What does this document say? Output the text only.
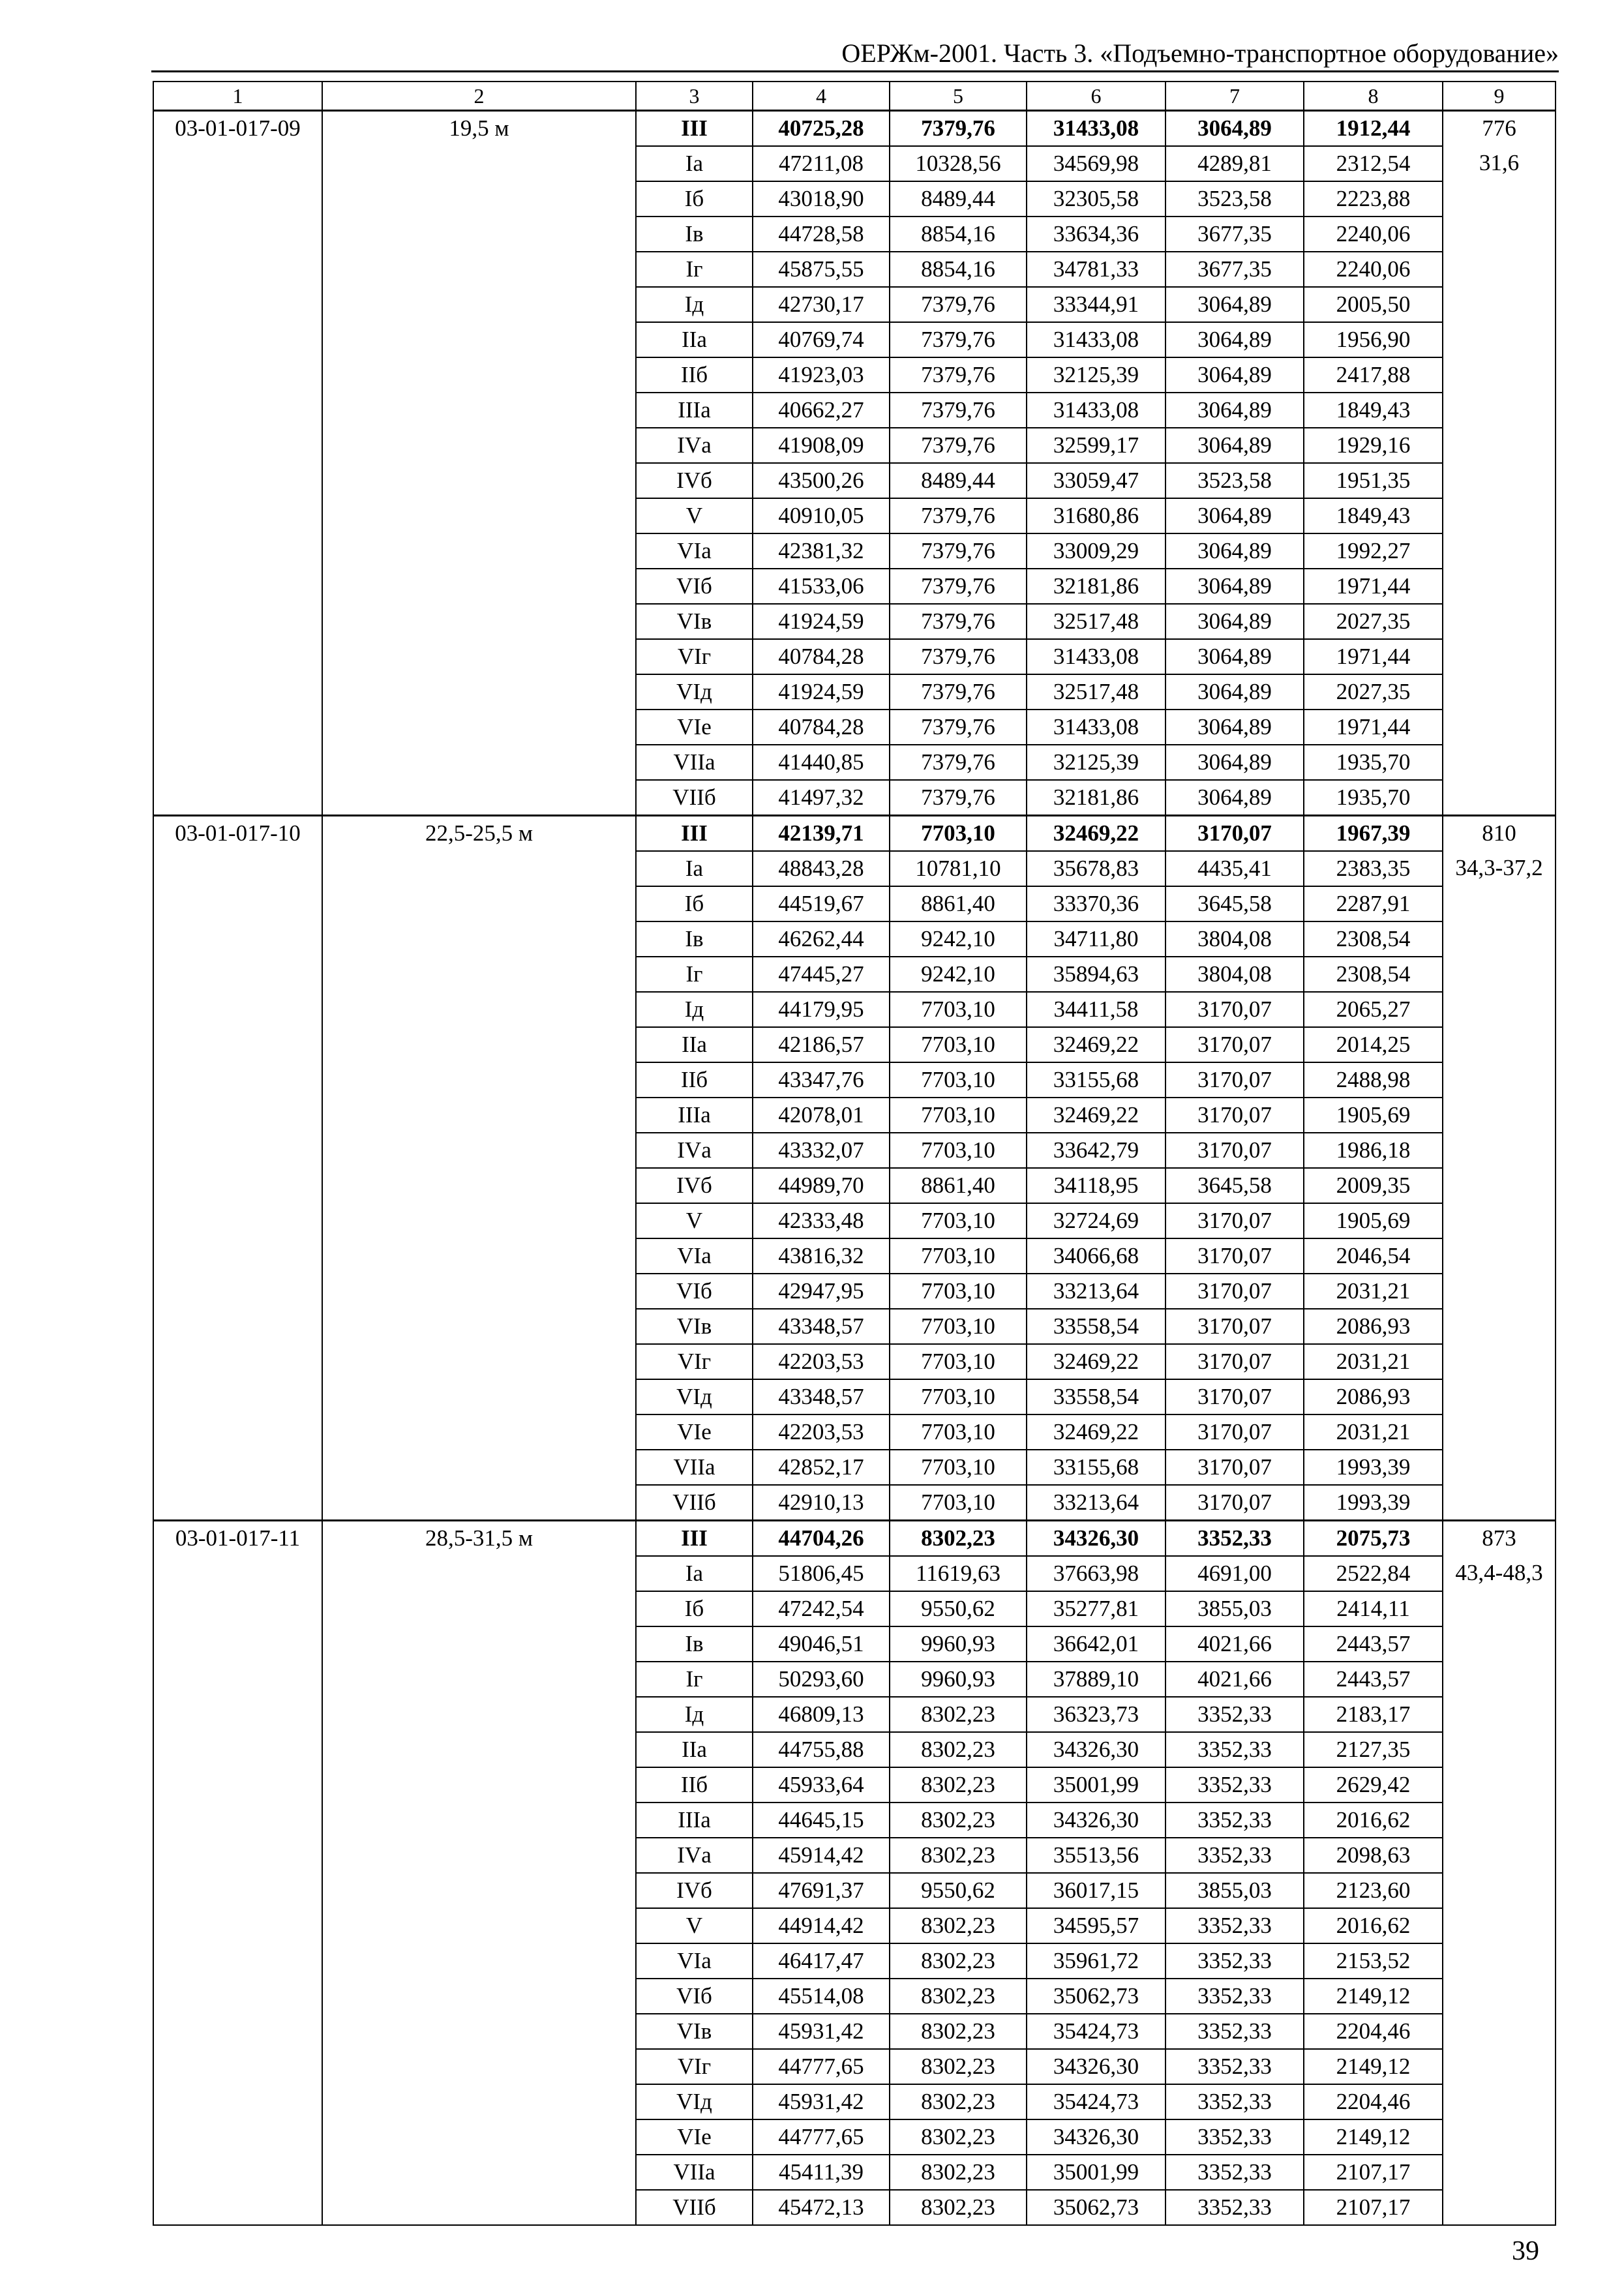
ОЕРЖм-2001. Часть 3. «Подъемно-транспортное оборудование»
1	2	3	4	5	6	7	8	9
03-01-017-09	19,5 м	III	40725,28	7379,76	31433,08	3064,89	1912,44	776
		Iа	47211,08	10328,56	34569,98	4289,81	2312,54	31,6
		Iб	43018,90	8489,44	32305,58	3523,58	2223,88	
		Iв	44728,58	8854,16	33634,36	3677,35	2240,06	
		Iг	45875,55	8854,16	34781,33	3677,35	2240,06	
		Iд	42730,17	7379,76	33344,91	3064,89	2005,50	
		IIа	40769,74	7379,76	31433,08	3064,89	1956,90	
		IIб	41923,03	7379,76	32125,39	3064,89	2417,88	
		IIIа	40662,27	7379,76	31433,08	3064,89	1849,43	
		IVа	41908,09	7379,76	32599,17	3064,89	1929,16	
		IVб	43500,26	8489,44	33059,47	3523,58	1951,35	
		V	40910,05	7379,76	31680,86	3064,89	1849,43	
		VIа	42381,32	7379,76	33009,29	3064,89	1992,27	
		VIб	41533,06	7379,76	32181,86	3064,89	1971,44	
		VIв	41924,59	7379,76	32517,48	3064,89	2027,35	
		VIг	40784,28	7379,76	31433,08	3064,89	1971,44	
		VIд	41924,59	7379,76	32517,48	3064,89	2027,35	
		VIе	40784,28	7379,76	31433,08	3064,89	1971,44	
		VIIа	41440,85	7379,76	32125,39	3064,89	1935,70	
		VIIб	41497,32	7379,76	32181,86	3064,89	1935,70	
03-01-017-10	22,5-25,5 м	III	42139,71	7703,10	32469,22	3170,07	1967,39	810
		Iа	48843,28	10781,10	35678,83	4435,41	2383,35	34,3-37,2
		Iб	44519,67	8861,40	33370,36	3645,58	2287,91	
		Iв	46262,44	9242,10	34711,80	3804,08	2308,54	
		Iг	47445,27	9242,10	35894,63	3804,08	2308,54	
		Iд	44179,95	7703,10	34411,58	3170,07	2065,27	
		IIа	42186,57	7703,10	32469,22	3170,07	2014,25	
		IIб	43347,76	7703,10	33155,68	3170,07	2488,98	
		IIIа	42078,01	7703,10	32469,22	3170,07	1905,69	
		IVа	43332,07	7703,10	33642,79	3170,07	1986,18	
		IVб	44989,70	8861,40	34118,95	3645,58	2009,35	
		V	42333,48	7703,10	32724,69	3170,07	1905,69	
		VIа	43816,32	7703,10	34066,68	3170,07	2046,54	
		VIб	42947,95	7703,10	33213,64	3170,07	2031,21	
		VIв	43348,57	7703,10	33558,54	3170,07	2086,93	
		VIг	42203,53	7703,10	32469,22	3170,07	2031,21	
		VIд	43348,57	7703,10	33558,54	3170,07	2086,93	
		VIе	42203,53	7703,10	32469,22	3170,07	2031,21	
		VIIа	42852,17	7703,10	33155,68	3170,07	1993,39	
		VIIб	42910,13	7703,10	33213,64	3170,07	1993,39	
03-01-017-11	28,5-31,5 м	III	44704,26	8302,23	34326,30	3352,33	2075,73	873
		Iа	51806,45	11619,63	37663,98	4691,00	2522,84	43,4-48,3
		Iб	47242,54	9550,62	35277,81	3855,03	2414,11	
		Iв	49046,51	9960,93	36642,01	4021,66	2443,57	
		Iг	50293,60	9960,93	37889,10	4021,66	2443,57	
		Iд	46809,13	8302,23	36323,73	3352,33	2183,17	
		IIа	44755,88	8302,23	34326,30	3352,33	2127,35	
		IIб	45933,64	8302,23	35001,99	3352,33	2629,42	
		IIIа	44645,15	8302,23	34326,30	3352,33	2016,62	
		IVа	45914,42	8302,23	35513,56	3352,33	2098,63	
		IVб	47691,37	9550,62	36017,15	3855,03	2123,60	
		V	44914,42	8302,23	34595,57	3352,33	2016,62	
		VIа	46417,47	8302,23	35961,72	3352,33	2153,52	
		VIб	45514,08	8302,23	35062,73	3352,33	2149,12	
		VIв	45931,42	8302,23	35424,73	3352,33	2204,46	
		VIг	44777,65	8302,23	34326,30	3352,33	2149,12	
		VIд	45931,42	8302,23	35424,73	3352,33	2204,46	
		VIе	44777,65	8302,23	34326,30	3352,33	2149,12	
		VIIа	45411,39	8302,23	35001,99	3352,33	2107,17	
		VIIб	45472,13	8302,23	35062,73	3352,33	2107,17	
39
